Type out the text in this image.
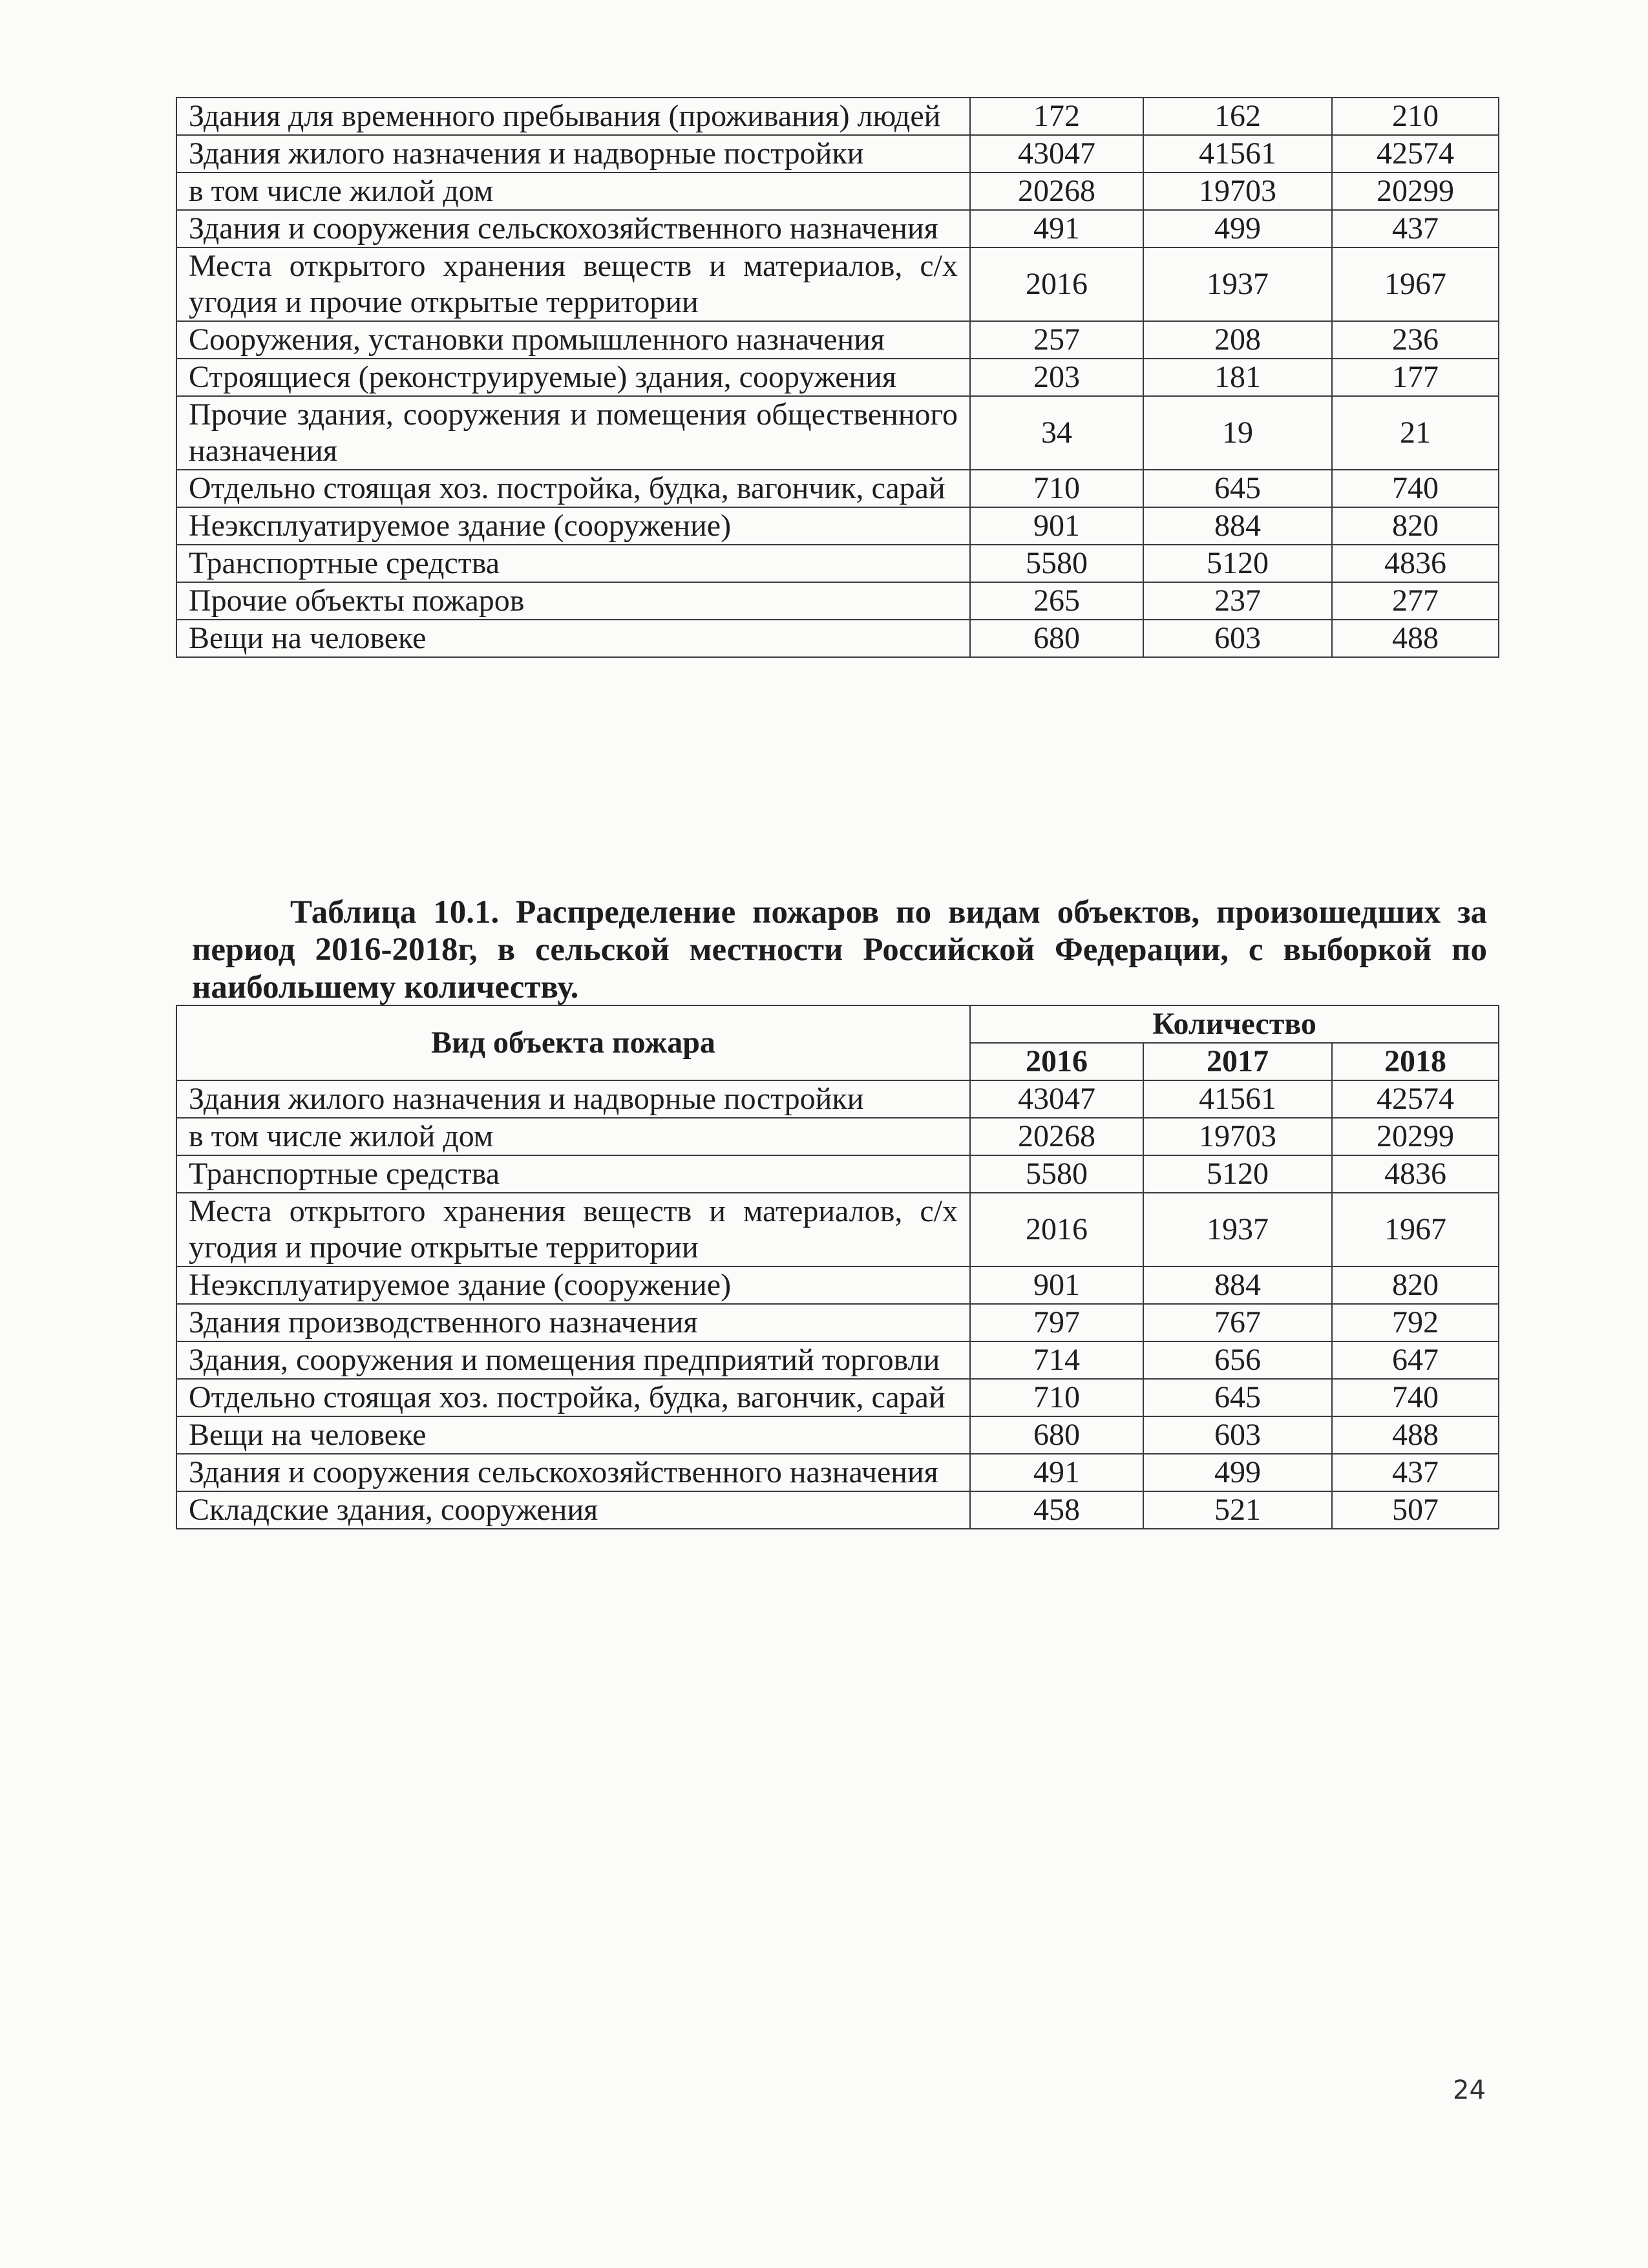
Здания для временного пребывания (проживания) людей	172	162	210
Здания жилого назначения и надворные постройки	43047	41561	42574
в том числе жилой дом	20268	19703	20299
Здания и сооружения сельскохозяйственного назначения	491	499	437
Места открытого хранения веществ и материалов, с/х угодия и прочие открытые территории	2016	1937	1967
Сооружения, установки промышленного назначения	257	208	236
Строящиеся (реконструируемые) здания, сооружения	203	181	177
Прочие здания, сооружения и помещения общественного назначения	34	19	21
Отдельно стоящая хоз. постройка, будка, вагончик, сарай	710	645	740
Неэксплуатируемое здание (сооружение)	901	884	820
Транспортные средства	5580	5120	4836
Прочие объекты пожаров	265	237	277
Вещи на человеке	680	603	488
Таблица 10.1. Распределение пожаров по видам объектов, произошедших за период 2016-2018г, в сельской местности Российской Федерации, с выборкой по наибольшему количеству.
Вид объекта пожара	Количество		
	2016	2017	2018
Здания жилого назначения и надворные постройки	43047	41561	42574
в том числе жилой дом	20268	19703	20299
Транспортные средства	5580	5120	4836
Места открытого хранения веществ и материалов, с/х угодия и прочие открытые территории	2016	1937	1967
Неэксплуатируемое здание (сооружение)	901	884	820
Здания производственного назначения	797	767	792
Здания, сооружения и помещения предприятий торговли	714	656	647
Отдельно стоящая хоз. постройка, будка, вагончик, сарай	710	645	740
Вещи на человеке	680	603	488
Здания и сооружения сельскохозяйственного назначения	491	499	437
Складские здания, сооружения	458	521	507
24
